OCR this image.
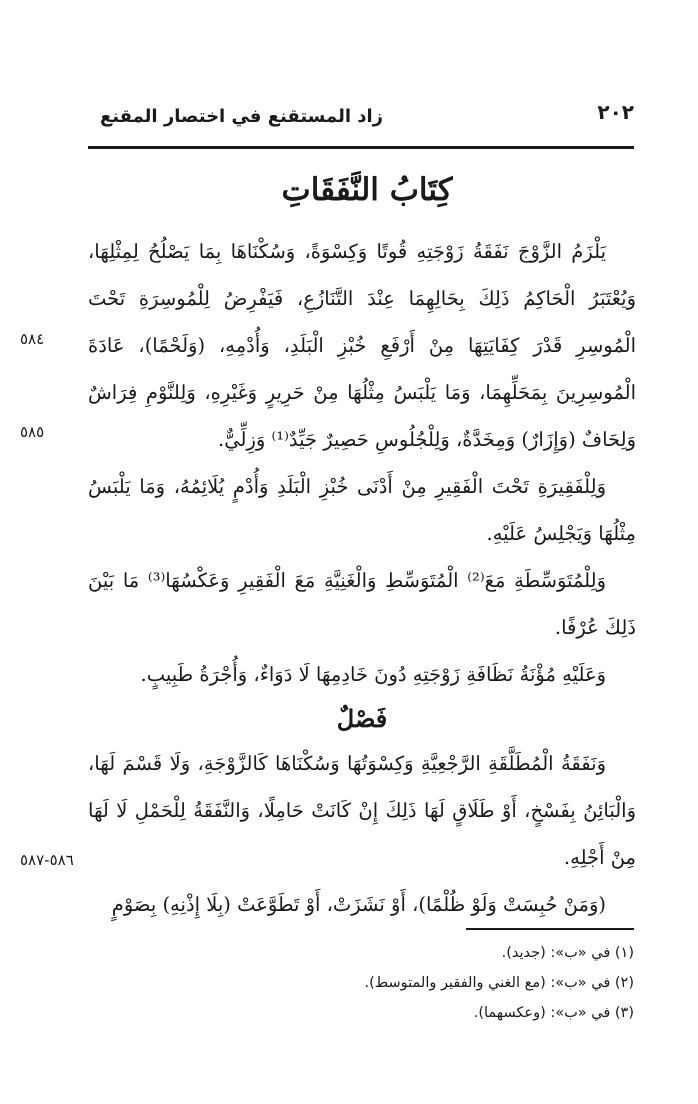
٢٠٢
زاد المستقنع في اختصار المقنع
كِتَابُ النَّفَقَاتِ

يَلْزَمُ الزَّوْجَ نَفَقَةُ زَوْجَتِهِ قُوتًا وَكِسْوَةً، وَسُكْنَاهَا بِمَا يَصْلُحُ لِمِثْلِهَا، وَيُعْتَبَرُ الْحَاكِمُ ذَلِكَ بِحَالِهِمَا عِنْدَ التَّنَازُعِ، فَيَفْرِضُ لِلْمُوسِرَةِ تَحْتَ الْمُوسِرِ قَدْرَ كِفَايَتِهَا مِنْ أَرْفَعِ خُبْزِ الْبَلَدِ، وَأُدْمِهِ، (وَلَحْمًا)، عَادَةَ الْمُوسِرِينَ بِمَحَلِّهِمَا، وَمَا يَلْبَسُ مِثْلُهَا مِنْ حَرِيرٍ وَغَيْرِهِ، وَلِلنَّوْمِ فِرَاشٌ وَلِحَافٌ (وَإِزَارٌ) وَمِخَدَّةٌ، وَلِلْجُلُوسِ حَصِيرٌ جَيِّدٌ⁽¹⁾ وَزِلِّيٌّ.

وَلِلْفَقِيرَةِ تَحْتَ الْفَقِيرِ مِنْ أَدْنَى خُبْزِ الْبَلَدِ وَأُدْمٍ يُلَائِمُهُ، وَمَا يَلْبَسُ مِثْلُهَا وَيَجْلِسُ عَلَيْهِ.

وَلِلْمُتَوَسِّطَةِ مَعَ⁽²⁾ الْمُتَوَسِّطِ وَالْغَنِيَّةِ مَعَ الْفَقِيرِ وَعَكْسُهَا⁽³⁾ مَا بَيْنَ ذَلِكَ عُرْفًا.

وَعَلَيْهِ مُؤْنَةُ نَظَافَةِ زَوْجَتِهِ دُونَ خَادِمِهَا لَا دَوَاءٌ، وَأُجْرَةُ طَبِيبٍ.

فَصْلٌ

وَنَفَقَةُ الْمُطَلَّقَةِ الرَّجْعِيَّةِ وَكِسْوَتُهَا وَسُكْنَاهَا كَالزَّوْجَةِ، وَلَا قَسْمَ لَهَا، وَالْبَائِنُ بِفَسْخٍ، أَوْ طَلَاقٍ لَهَا ذَلِكَ إِنْ كَانَتْ حَامِلًا، وَالنَّفَقَةُ لِلْحَمْلِ لَا لَهَا مِنْ أَجْلِهِ.

(وَمَنْ حُبِسَتْ وَلَوْ ظُلْمًا)، أَوْ نَشَزَتْ، أَوْ تَطَوَّعَتْ (بِلَا إِذْنِهِ) بِصَوْمٍ

٥٨٤
٥٨٥
٥٨٦-٥٨٧
(١) في «ب»: (جديد).
(٢) في «ب»: (مع الغني والفقير والمتوسط).
(٣) في «ب»: (وعكسهما).
